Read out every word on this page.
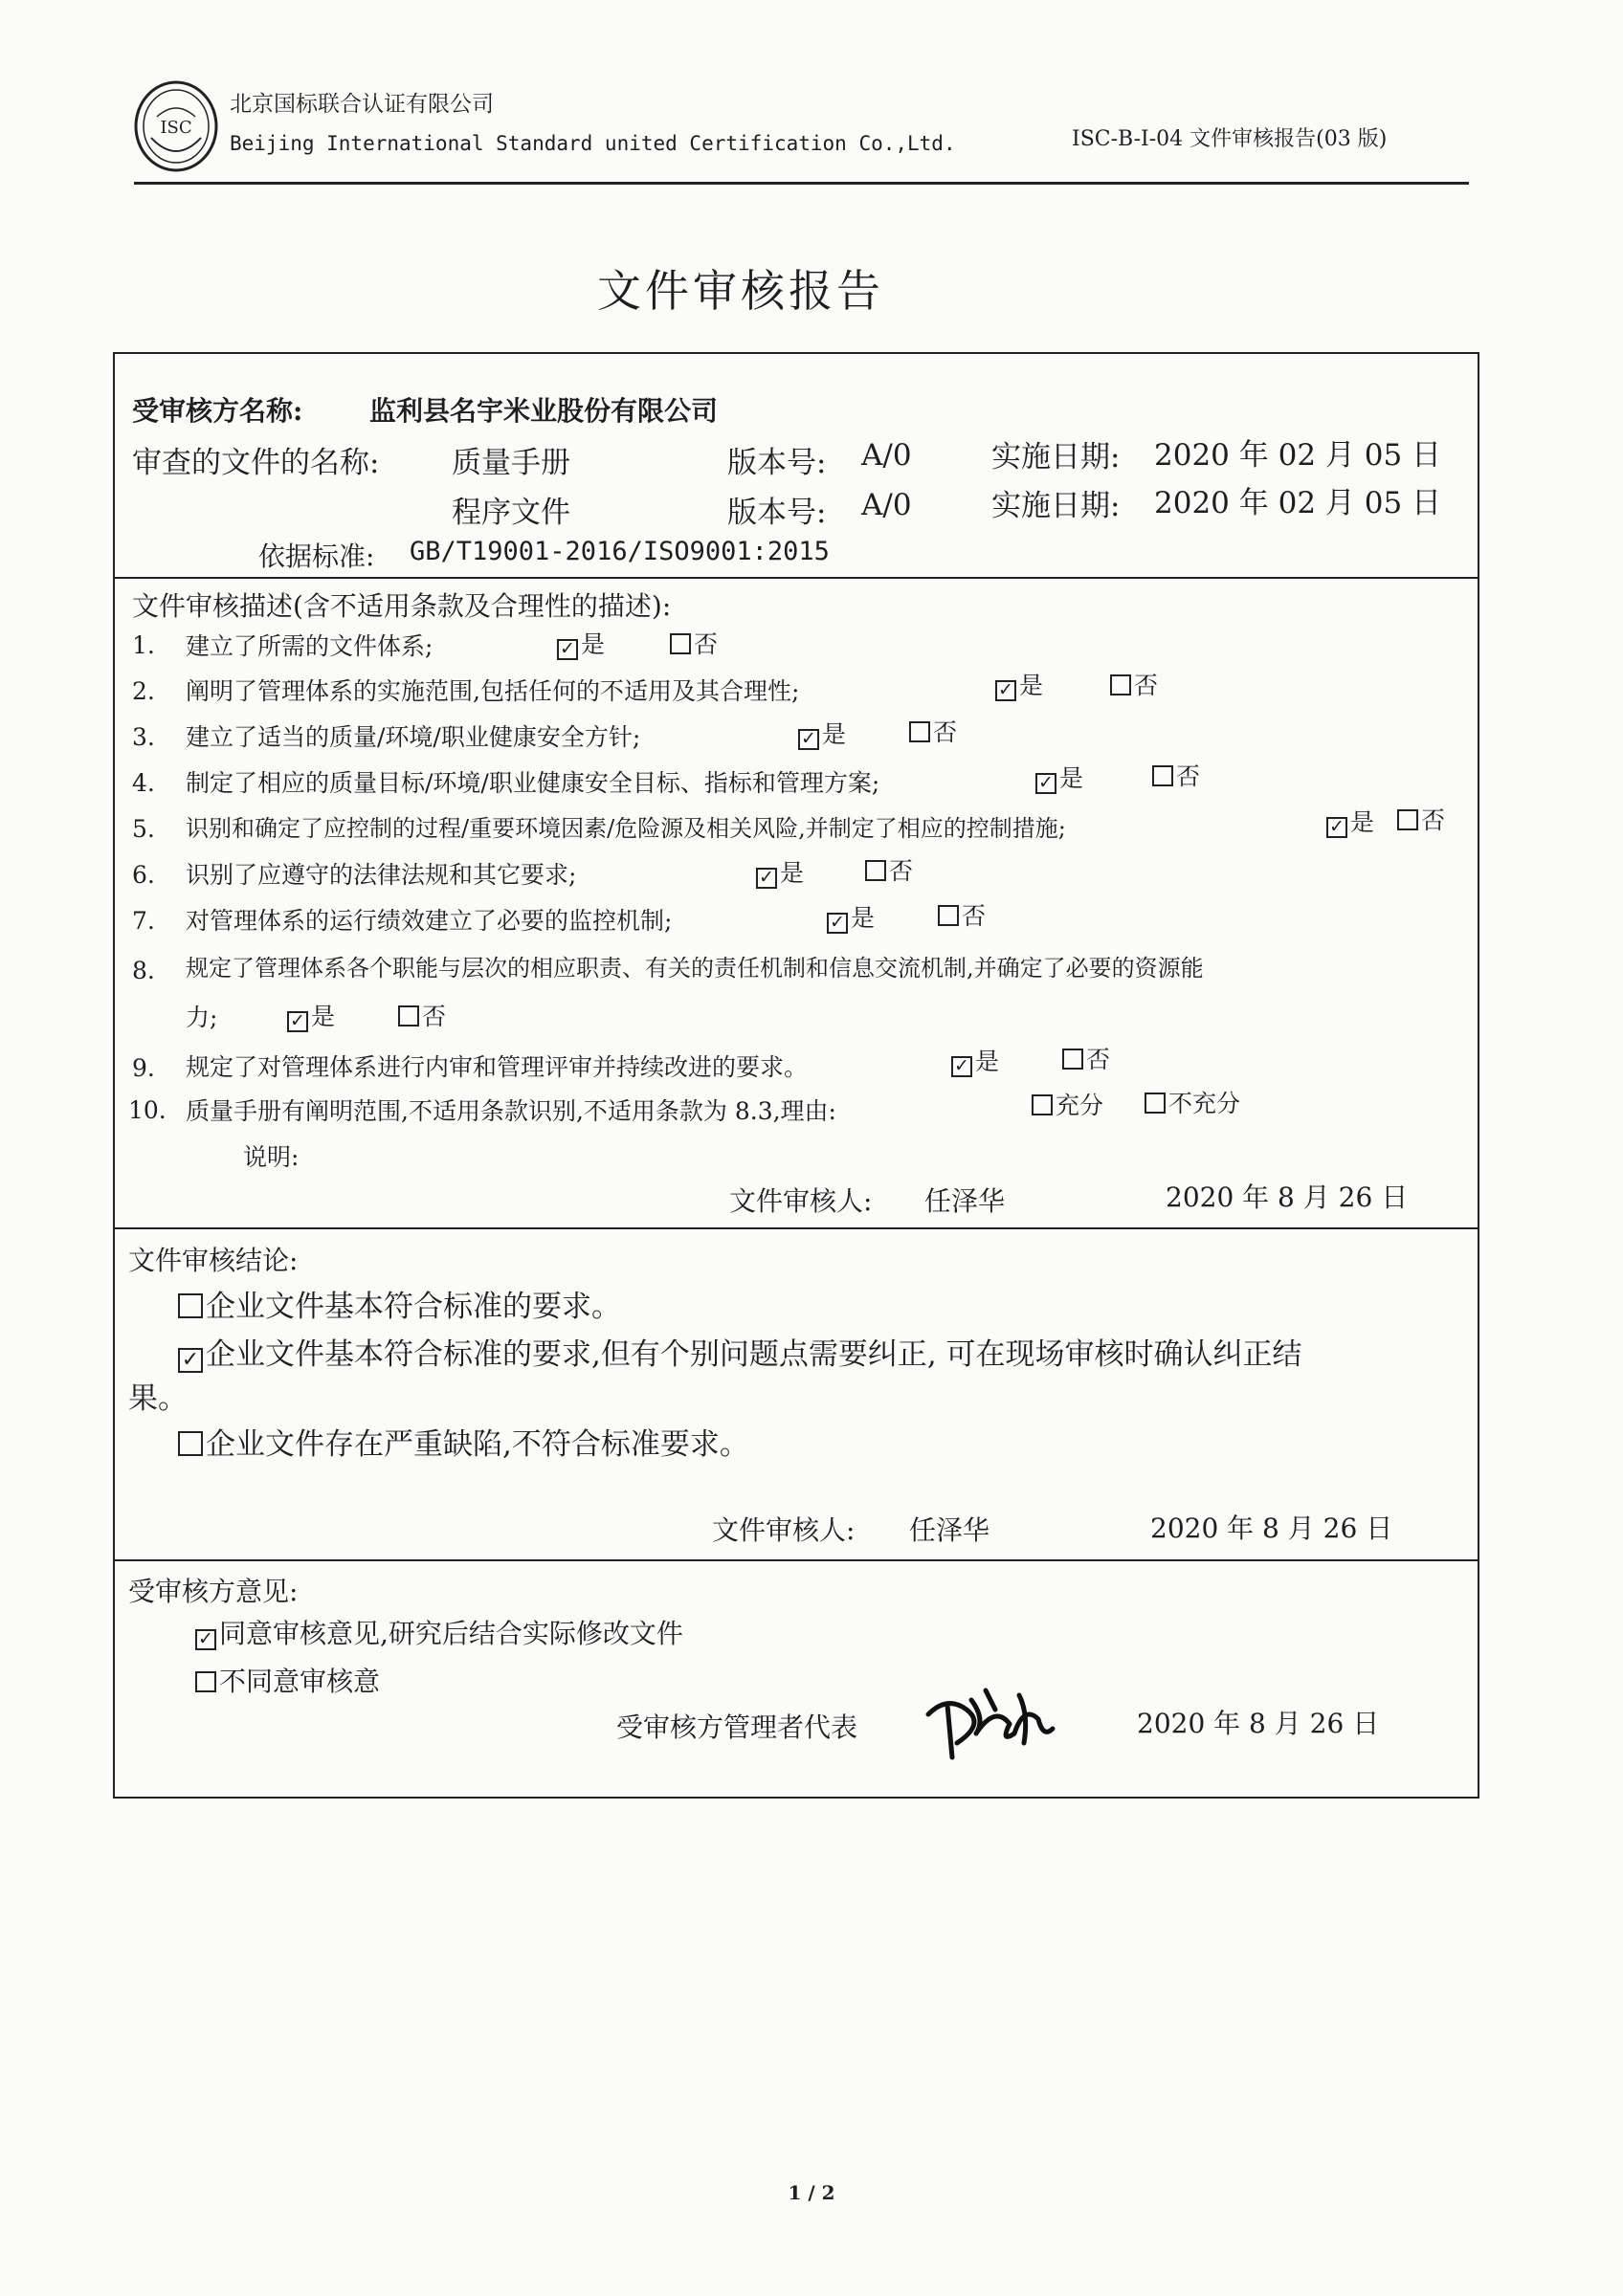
ISC
北京国标联合认证有限公司
Beijing International Standard united Certification Co.,Ltd.	ISC-B-I-04 文件审核报告(03 版)
文件审核报告
受审核方名称: 监利县名宇米业股份有限公司
审查的文件的名称: 质量手册	版本号: A/0	实施日期: 2020 年 02 月 05 日
程序文件	版本号: A/0	实施日期: 2020 年 02 月 05 日
依据标准: GB/T19001-2016/ISO9001:2015
文件审核描述(含不适用条款及合理性的描述):
1. 建立了所需的文件体系;	✓ 是	否
2. 阐明了管理体系的实施范围,包括任何的不适用及其合理性;	✓ 是	否
3. 建立了适当的质量/环境/职业健康安全方针;	✓ 是	否
4. 制定了相应的质量目标/环境/职业健康安全目标、指标和管理方案;	✓ 是	否
5. 识别和确定了应控制的过程/重要环境因素/危险源及相关风险,并制定了相应的控制措施;	✓ 是	否
6. 识别了应遵守的法律法规和其它要求;	✓ 是	否
7. 对管理体系的运行绩效建立了必要的监控机制;	✓ 是	否
8. 规定了管理体系各个职能与层次的相应职责、有关的责任机制和信息交流机制,并确定了必要的资源能
力;	✓ 是	否
9. 规定了对管理体系进行内审和管理评审并持续改进的要求。	✓ 是	否
10. 质量手册有阐明范围,不适用条款识别,不适用条款为 8.3,理由:	充分	不充分
说明:
文件审核人: 任泽华	2020 年 8 月 26 日
文件审核结论:
企业文件基本符合标准的要求。
✓ 企业文件基本符合标准的要求,但有个别问题点需要纠正, 可在现场审核时确认纠正结
果。
企业文件存在严重缺陷,不符合标准要求。
文件审核人: 任泽华	2020 年 8 月 26 日
受审核方意见:
✓ 同意审核意见,研究后结合实际修改文件
不同意审核意
受审核方管理者代表	2020 年 8 月 26 日
1 / 2
